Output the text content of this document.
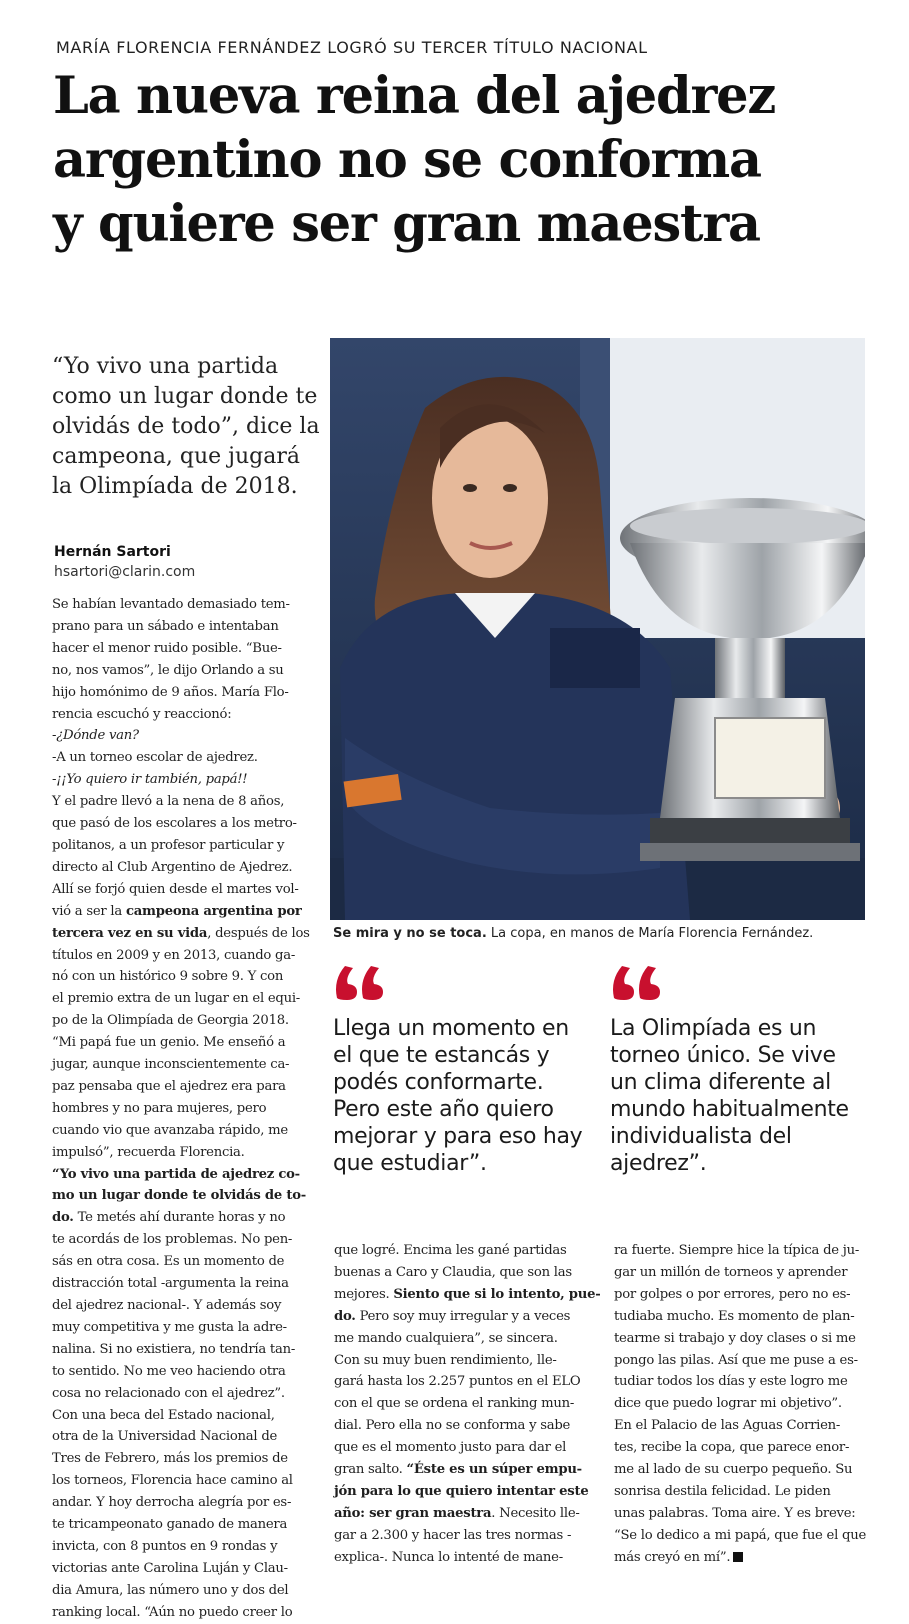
MARÍA FLORENCIA FERNÁNDEZ LOGRÓ SU TERCER TÍTULO NACIONAL
La nueva reina del ajedrez
argentino no se conforma
y quiere ser gran maestra
“Yo vivo una partida
como un lugar donde te
olvidás de todo”, dice la
campeona, que jugará
la Olimpíada de 2018.
Hernán Sartori
hsartori@clarin.com
Se habían levantado demasiado tem-
prano para un sábado e intentaban
hacer el menor ruido posible. “Bue-
no, nos vamos”, le dijo Orlando a su
hijo homónimo de 9 años. María Flo-
rencia escuchó y reaccionó:
-¿Dónde van?
-A un torneo escolar de ajedrez.
-¡¡Yo quiero ir también, papá!!
Y el padre llevó a la nena de 8 años,
que pasó de los escolares a los metro-
politanos, a un profesor particular y
directo al Club Argentino de Ajedrez.
Allí se forjó quien desde el martes vol-
vió a ser la campeona argentina por
tercera vez en su vida, después de los
títulos en 2009 y en 2013, cuando ga-
nó con un histórico 9 sobre 9. Y con
el premio extra de un lugar en el equi-
po de la Olimpíada de Georgia 2018.
“Mi papá fue un genio. Me enseñó a
jugar, aunque inconscientemente ca-
paz pensaba que el ajedrez era para
hombres y no para mujeres, pero
cuando vio que avanzaba rápido, me
impulsó”, recuerda Florencia.
“Yo vivo una partida de ajedrez co-
mo un lugar donde te olvidás de to-
do. Te metés ahí durante horas y no
te acordás de los problemas. No pen-
sás en otra cosa. Es un momento de
distracción total -argumenta la reina
del ajedrez nacional-. Y además soy
muy competitiva y me gusta la adre-
nalina. Si no existiera, no tendría tan-
to sentido. No me veo haciendo otra
cosa no relacionado con el ajedrez”.
Con una beca del Estado nacional,
otra de la Universidad Nacional de
Tres de Febrero, más los premios de
los torneos, Florencia hace camino al
andar. Y hoy derrocha alegría por es-
te tricampeonato ganado de manera
invicta, con 8 puntos en 9 rondas y
victorias ante Carolina Luján y Clau-
dia Amura, las número uno y dos del
ranking local. “Aún no puedo creer lo
Se mira y no se toca. La copa, en manos de María Florencia Fernández.
Llega un momento en
el que te estancás y
podés conformarte.
Pero este año quiero
mejorar y para eso hay
que estudiar”.
La Olimpíada es un
torneo único. Se vive
un clima diferente al
mundo habitualmente
individualista del
ajedrez”.
que logré. Encima les gané partidas
buenas a Caro y Claudia, que son las
mejores. Siento que si lo intento, pue-
do. Pero soy muy irregular y a veces
me mando cualquiera”, se sincera.
Con su muy buen rendimiento, lle-
gará hasta los 2.257 puntos en el ELO
con el que se ordena el ranking mun-
dial. Pero ella no se conforma y sabe
que es el momento justo para dar el
gran salto. “Éste es un súper empu-
jón para lo que quiero intentar este
año: ser gran maestra. Necesito lle-
gar a 2.300 y hacer las tres normas -
explica-. Nunca lo intenté de mane-
ra fuerte. Siempre hice la típica de ju-
gar un millón de torneos y aprender
por golpes o por errores, pero no es-
tudiaba mucho. Es momento de plan-
tearme si trabajo y doy clases o si me
pongo las pilas. Así que me puse a es-
tudiar todos los días y este logro me
dice que puedo lograr mi objetivo”.
En el Palacio de las Aguas Corrien-
tes, recibe la copa, que parece enor-
me al lado de su cuerpo pequeño. Su
sonrisa destila felicidad. Le piden
unas palabras. Toma aire. Y es breve:
“Se lo dedico a mi papá, que fue el que
más creyó en mí”.
